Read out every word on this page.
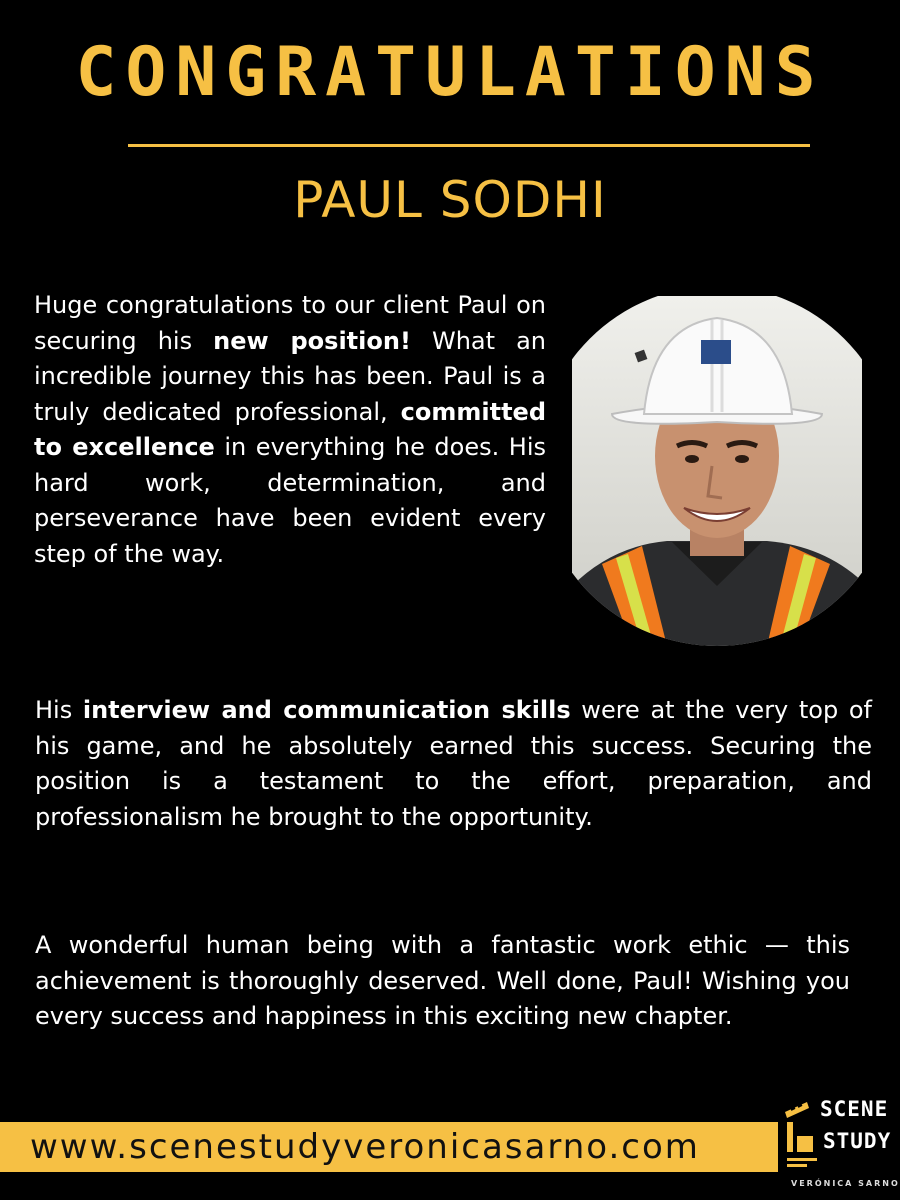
CONGRATULATIONS
PAUL SODHI
Huge congratulations to our client Paul on securing his new position! What an incredible journey this has been. Paul is a truly dedicated professional, committed to excellence in everything he does. His hard work, determination, and perseverance have been evident every step of the way.
His interview and communication skills were at the very top of his game, and he absolutely earned this success. Securing the position is a testament to the effort, preparation, and professionalism he brought to the opportunity.
A wonderful human being with a fantastic work ethic — this achievement is thoroughly deserved. Well done, Paul! Wishing you every success and happiness in this exciting new chapter.
www.scenestudyveronicasarno.com
SCENE
STUDY
VERÓNICA SARNO
